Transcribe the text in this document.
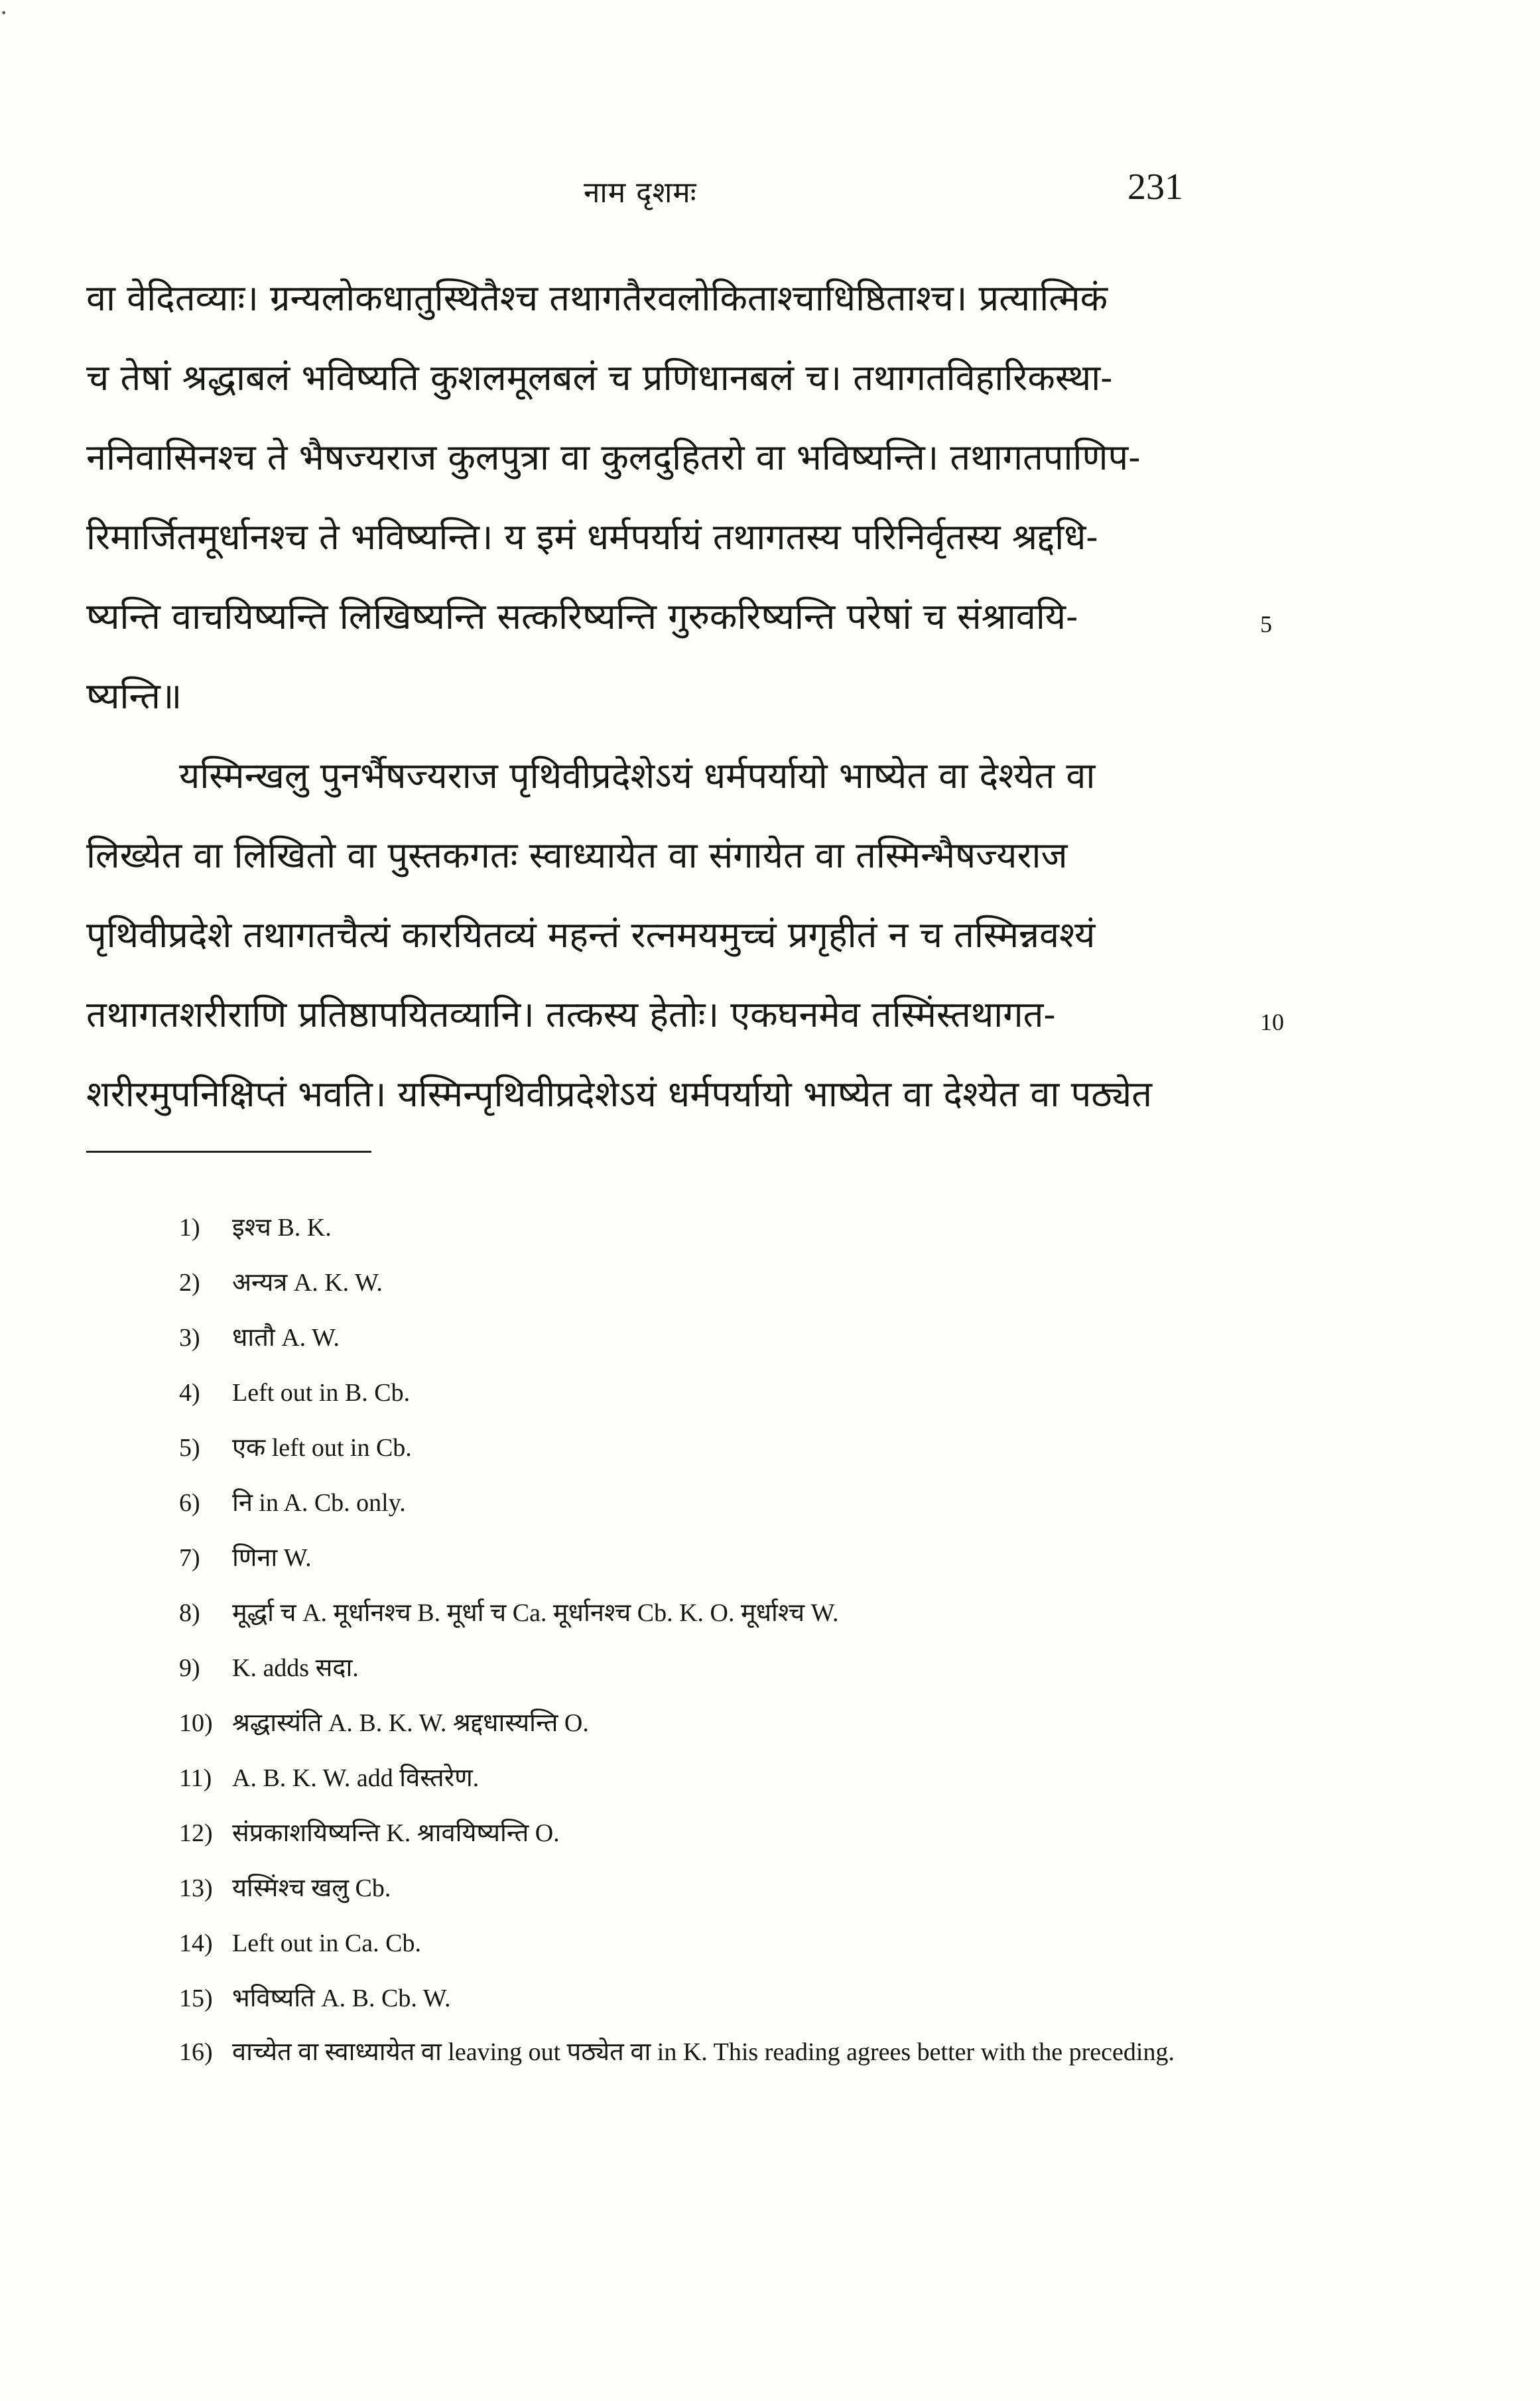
·
नाम दृशमः	231
वा वेदितव्याः। ग्रन्यलोकधातुस्थितैश्च तथागतैरवलोकिताश्चाधिष्ठिताश्च। प्रत्यात्मिकं
च तेषां श्रद्धाबलं भविष्यति कुशलमूलबलं च प्रणिधानबलं च। तथागतविहारिकस्था-
ननिवासिनश्च ते भैषज्यराज कुलपुत्रा वा कुलदुहितरो वा भविष्यन्ति। तथागतपाणिप-
रिमार्जितमूर्धानश्च ते भविष्यन्ति। य इमं धर्मपर्यायं तथागतस्य परिनिर्वृतस्य श्रद्दधि-
ष्यन्ति वाचयिष्यन्ति लिखिष्यन्ति सत्करिष्यन्ति गुरुकरिष्यन्ति परेषां च संश्रावयि-
ष्यन्ति॥
यस्मिन्खलु पुनर्भैषज्यराज पृथिवीप्रदेशेऽयं धर्मपर्यायो भाष्येत वा देश्येत वा
लिख्येत वा लिखितो वा पुस्तकगतः स्वाध्यायेत वा संगायेत वा तस्मिन्भैषज्यराज
पृथिवीप्रदेशे तथागतचैत्यं कारयितव्यं महन्तं रत्नमयमुच्चं प्रगृहीतं न च तस्मिन्नवश्यं
तथागतशरीराणि प्रतिष्ठापयितव्यानि। तत्कस्य हेतोः। एकघनमेव तस्मिंस्तथागत-
शरीरमुपनिक्षिप्तं भवति। यस्मिन्पृथिवीप्रदेशेऽयं धर्मपर्यायो भाष्येत वा देश्येत वा पठ्येत
5
10
1) इश्च B. K.
2) अन्यत्र A. K. W.
3) धातौ A. W.
4) Left out in B. Cb.
5) एक left out in Cb.
6) नि in A. Cb. only.
7) णिना W.
8) मूर्द्धा च A. मूर्धानश्च B. मूर्धा च Ca. मूर्धानश्च Cb. K. O. मूर्धाश्च W.
9) K. adds सदा.
10) श्रद्धास्यंति A. B. K. W. श्रद्दधास्यन्ति O.
11) A. B. K. W. add विस्तरेण.
12) संप्रकाशयिष्यन्ति K. श्रावयिष्यन्ति O.
13) यस्मिंश्च खलु Cb.
14) Left out in Ca. Cb.
15) भविष्यति A. B. Cb. W.
16) वाच्येत वा स्वाध्यायेत वा leaving out पठ्येत वा in K. This reading agrees better with the preceding.
